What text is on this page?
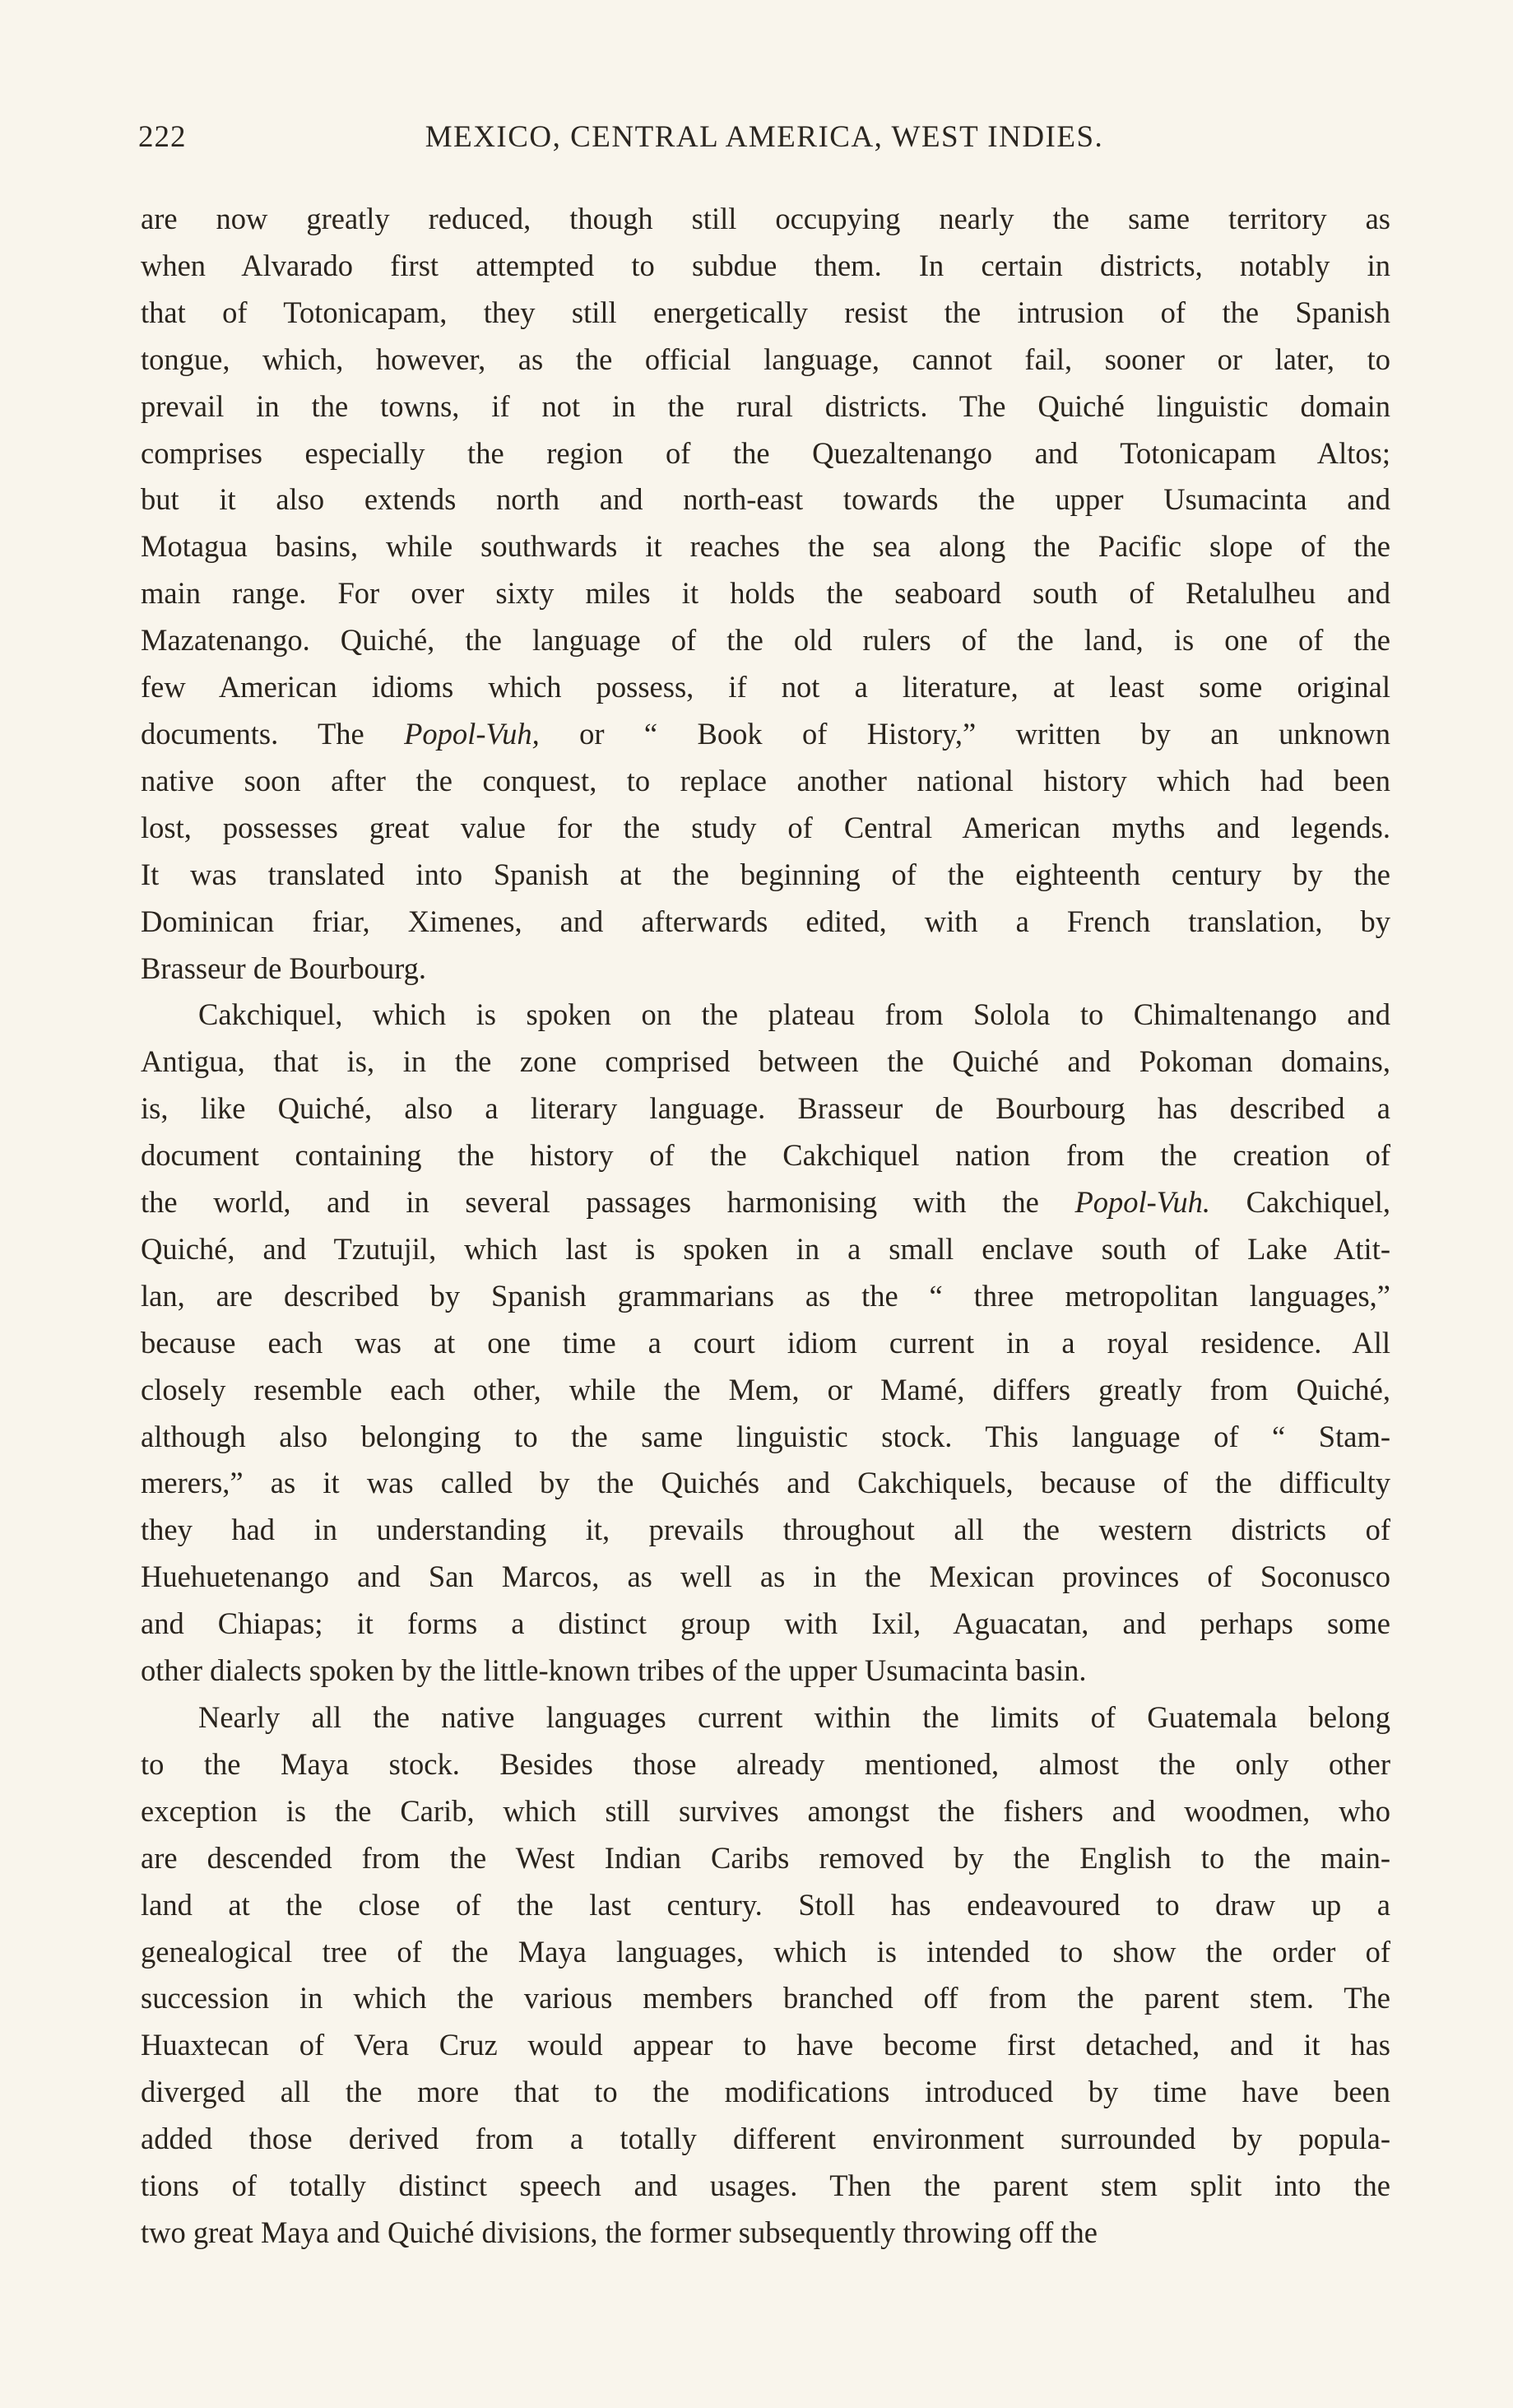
222	MEXICO, CENTRAL AMERICA, WEST INDIES.
are now greatly reduced, though still occupying nearly the same territory as
when Alvarado first attempted to subdue them. In certain districts, notably in
that of Totonicapam, they still energetically resist the intrusion of the Spanish
tongue, which, however, as the official language, cannot fail, sooner or later, to
prevail in the towns, if not in the rural districts. The Quiché linguistic domain
comprises especially the region of the Quezaltenango and Totonicapam Altos;
but it also extends north and north-east towards the upper Usumacinta and
Motagua basins, while southwards it reaches the sea along the Pacific slope of the
main range. For over sixty miles it holds the seaboard south of Retalulheu and
Mazatenango. Quiché, the language of the old rulers of the land, is one of the
few American idioms which possess, if not a literature, at least some original
documents. The Popol-Vuh, or “ Book of History,” written by an unknown
native soon after the conquest, to replace another national history which had been
lost, possesses great value for the study of Central American myths and legends.
It was translated into Spanish at the beginning of the eighteenth century by the
Dominican friar, Ximenes, and afterwards edited, with a French translation, by
Brasseur de Bourbourg.
Cakchiquel, which is spoken on the plateau from Solola to Chimaltenango and
Antigua, that is, in the zone comprised between the Quiché and Pokoman domains,
is, like Quiché, also a literary language. Brasseur de Bourbourg has described a
document containing the history of the Cakchiquel nation from the creation of
the world, and in several passages harmonising with the Popol-Vuh. Cakchiquel,
Quiché, and Tzutujil, which last is spoken in a small enclave south of Lake Atit-
lan, are described by Spanish grammarians as the “ three metropolitan languages,”
because each was at one time a court idiom current in a royal residence. All
closely resemble each other, while the Mem, or Mamé, differs greatly from Quiché,
although also belonging to the same linguistic stock. This language of “ Stam-
merers,” as it was called by the Quichés and Cakchiquels, because of the difficulty
they had in understanding it, prevails throughout all the western districts of
Huehuetenango and San Marcos, as well as in the Mexican provinces of Soconusco
and Chiapas; it forms a distinct group with Ixil, Aguacatan, and perhaps some
other dialects spoken by the little-known tribes of the upper Usumacinta basin.
Nearly all the native languages current within the limits of Guatemala belong
to the Maya stock. Besides those already mentioned, almost the only other
exception is the Carib, which still survives amongst the fishers and woodmen, who
are descended from the West Indian Caribs removed by the English to the main-
land at the close of the last century. Stoll has endeavoured to draw up a
genealogical tree of the Maya languages, which is intended to show the order of
succession in which the various members branched off from the parent stem. The
Huaxtecan of Vera Cruz would appear to have become first detached, and it has
diverged all the more that to the modifications introduced by time have been
added those derived from a totally different environment surrounded by popula-
tions of totally distinct speech and usages. Then the parent stem split into the
two great Maya and Quiché divisions, the former subsequently throwing off the
